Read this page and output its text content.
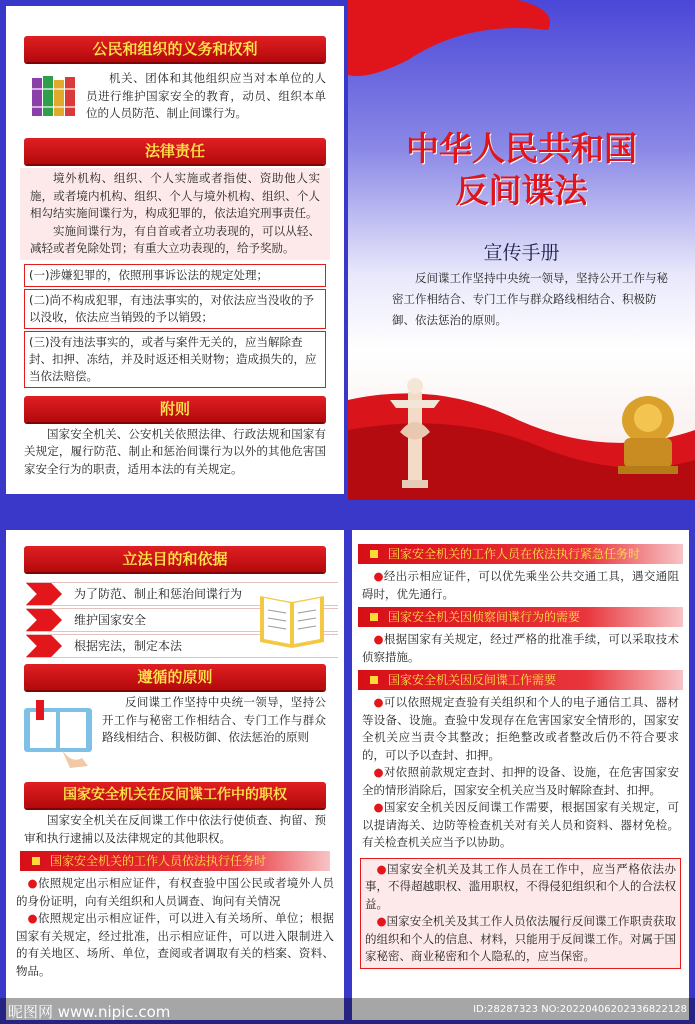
公民和组织的义务和权利
机关、团体和其他组织应当对本单位的人员进行维护国家安全的教育，动员、组织本单位的人员防范、制止间谍行为。
法律责任
境外机构、组织、个人实施或者指使、资助他人实施，或者境内机构、组织、个人与境外机构、组织、个人相勾结实施间谍行为，构成犯罪的，依法追究刑事责任。
实施间谍行为，有自首或者立功表现的，可以从轻、减轻或者免除处罚；有重大立功表现的，给予奖励。
(一)涉嫌犯罪的，依照刑事诉讼法的规定处理；
(二)尚不构成犯罪，有违法事实的，对依法应当没收的予以没收，依法应当销毁的予以销毁；
(三)没有违法事实的，或者与案件无关的，应当解除查封、扣押、冻结，并及时返还相关财物；造成损失的，应当依法赔偿。
附则
国家安全机关、公安机关依照法律、行政法规和国家有关规定，履行防范、制止和惩治间谍行为以外的其他危害国家安全行为的职责，适用本法的有关规定。
中华人民共和国
反间谍法
宣传手册
反间谍工作坚持中央统一领导，坚持公开工作与秘密工作相结合、专门工作与群众路线相结合、积极防御、依法惩治的原则。
立法目的和依据
为了防范、制止和惩治间谍行为
维护国家安全
根据宪法，制定本法
遵循的原则
反间谍工作坚持中央统一领导，坚持公开工作与秘密工作相结合、专门工作与群众路线相结合、积极防御、依法惩治的原则
国家安全机关在反间谍工作中的职权
国家安全机关在反间谍工作中依法行使侦查、拘留、预审和执行逮捕以及法律规定的其他职权。
国家安全机关的工作人员依法执行任务时
●依照规定出示相应证件，有权查验中国公民或者境外人员的身份证明，向有关组织和人员调查、询问有关情况
●依照规定出示相应证件，可以进入有关场所、单位；根据国家有关规定，经过批准，出示相应证件，可以进入限制进入的有关地区、场所、单位，查阅或者调取有关的档案、资料、物品。
国家安全机关的工作人员在依法执行紧急任务时
●经出示相应证件，可以优先乘坐公共交通工具，遇交通阻碍时，优先通行。
国家安全机关因侦察间谍行为的需要
●根据国家有关规定，经过严格的批准手续，可以采取技术侦察措施。
国家安全机关因反间谍工作需要
●可以依照规定查验有关组织和个人的电子通信工具、器材等设备、设施。查验中发现存在危害国家安全情形的，国家安全机关应当责令其整改；拒绝整改或者整改后仍不符合要求的，可以予以查封、扣押。
●对依照前款规定查封、扣押的设备、设施，在危害国家安全的情形消除后，国家安全机关应当及时解除查封、扣押。
●国家安全机关因反间谍工作需要，根据国家有关规定，可以提请海关、边防等检查机关对有关人员和资料、器材免检。有关检查机关应当予以协助。
●国家安全机关及其工作人员在工作中，应当严格依法办事，不得超越职权、滥用职权，不得侵犯组织和个人的合法权益。
●国家安全机关及其工作人员依法履行反间谍工作职责获取的组织和个人的信息、材料，只能用于反间谍工作。对属于国家秘密、商业秘密和个人隐私的，应当保密。
昵图网 www.nipic.com	ID:28287323 NO:20220406202336822128
